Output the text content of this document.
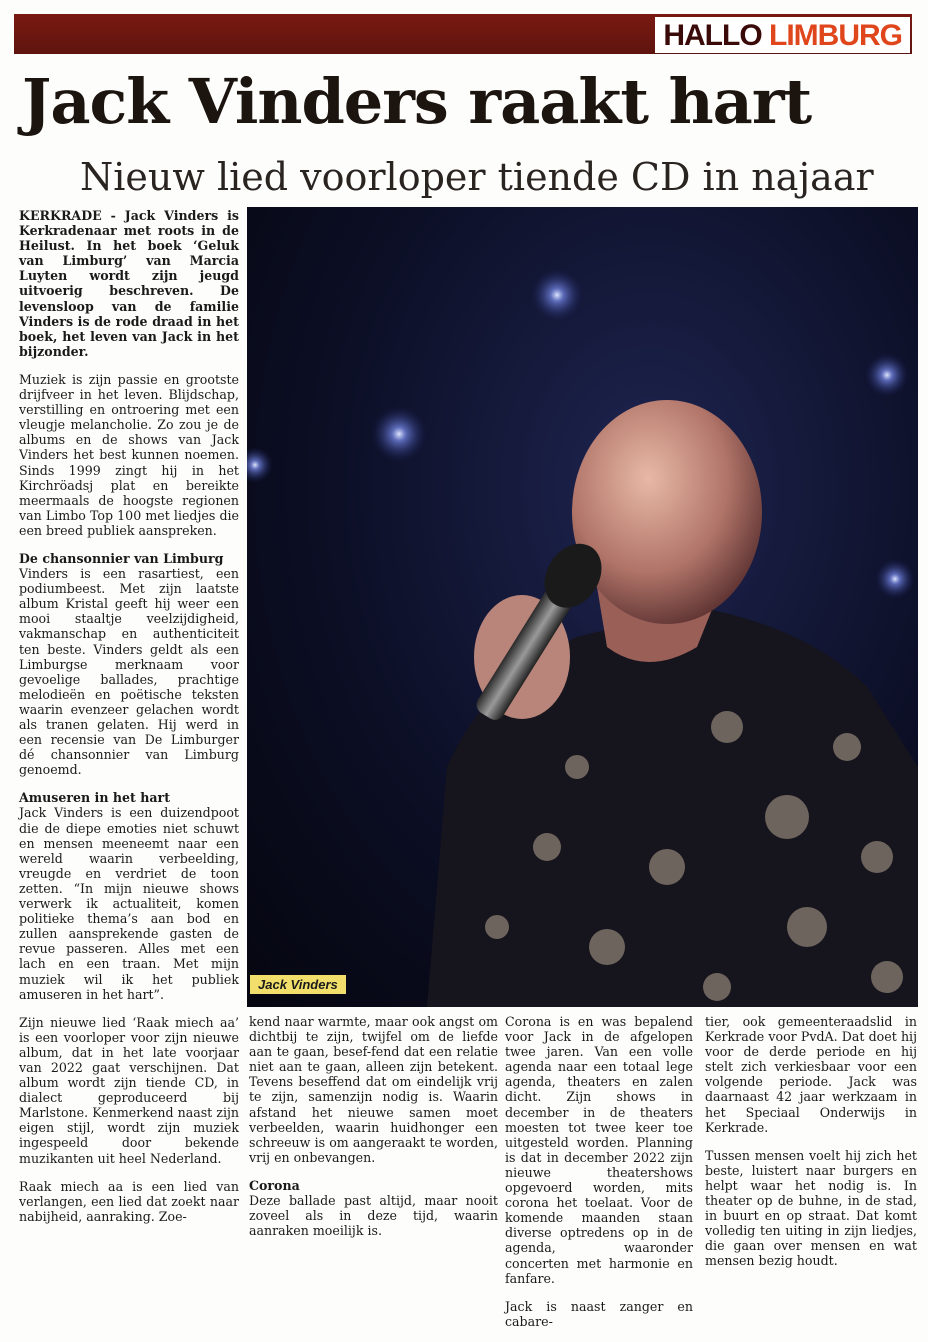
HALLO LIMBURG
Jack Vinders raakt hart
Nieuw lied voorloper tiende CD in najaar

KERKRADE - Jack Vinders is Kerkradenaar met roots in de Heilust. In het boek ‘Geluk van Limburg’ van Marcia Luyten wordt zijn jeugd uitvoerig beschreven. De levensloop van de familie Vinders is de rode draad in het boek, het leven van Jack in het bijzonder.

Muziek is zijn passie en grootste drijfveer in het leven. Blijdschap, verstilling en ontroering met een vleugje melancholie. Zo zou je de albums en de shows van Jack Vinders het best kunnen noemen. Sinds 1999 zingt hij in het Kirchröadsj plat en bereikte meermaals de hoogste regionen van Limbo Top 100 met liedjes die een breed publiek aanspreken.

De chansonnier van Limburg

Vinders is een rasartiest, een podiumbeest. Met zijn laatste album Kristal geeft hij weer een mooi staaltje veelzijdigheid, vakmanschap en authenticiteit ten beste. Vinders geldt als een Limburgse merknaam voor gevoelige ballades, prachtige melodieën en poëtische teksten waarin evenzeer gelachen wordt als tranen gelaten. Hij werd in een recensie van De Limburger dé chansonnier van Limburg genoemd.

Amuseren in het hart

Jack Vinders is een duizendpoot die de diepe emoties niet schuwt en mensen meeneemt naar een wereld waarin verbeelding, vreugde en verdriet de toon zetten. “In mijn nieuwe shows verwerk ik actualiteit, komen politieke thema’s aan bod en zullen aansprekende gasten de revue passeren. Alles met een lach en een traan. Met mijn muziek wil ik het publiek amuseren in het hart”.

Zijn nieuwe lied ‘Raak miech aa’ is een voorloper voor zijn nieuwe album, dat in het late voorjaar van 2022 gaat verschijnen. Dat album wordt zijn tiende CD, in dialect geproduceerd bij Marlstone. Kenmerkend naast zijn eigen stijl, wordt zijn muziek ingespeeld door bekende muzikanten uit heel Nederland.

Raak miech aa is een lied van verlangen, een lied dat zoekt naar nabijheid, aanraking. Zoe-

Jack Vinders

kend naar warmte, maar ook angst om dichtbij te zijn, twijfel om de liefde aan te gaan, besef-fend dat een relatie niet aan te gaan, alleen zijn betekent. Tevens beseffend dat om eindelijk vrij te zijn, samenzijn nodig is. Waarin afstand het nieuwe samen moet verbeelden, waarin huidhonger een schreeuw is om aangeraakt te worden, vrij en onbevangen.

Corona

Deze ballade past altijd, maar nooit zoveel als in deze tijd, waarin aanraken moeilijk is.

Corona is en was bepalend voor Jack in de afgelopen twee jaren. Van een volle agenda naar een totaal lege agenda, theaters en zalen dicht. Zijn shows in december in de theaters moesten tot twee keer toe uitgesteld worden. Planning is dat in december 2022 zijn nieuwe theatershows opgevoerd worden, mits corona het toelaat. Voor de komende maanden staan diverse optredens op in de agenda, waaronder concerten met harmonie en fanfare.

Jack is naast zanger en cabare-

tier, ook gemeenteraadslid in Kerkrade voor PvdA. Dat doet hij voor de derde periode en hij stelt zich verkiesbaar voor een volgende periode. Jack was daarnaast 42 jaar werkzaam in het Speciaal Onderwijs in Kerkrade.

Tussen mensen voelt hij zich het beste, luistert naar burgers en helpt waar het nodig is. In theater op de buhne, in de stad, in buurt en op straat. Dat komt volledig ten uiting in zijn liedjes, die gaan over mensen en wat mensen bezig houdt.
